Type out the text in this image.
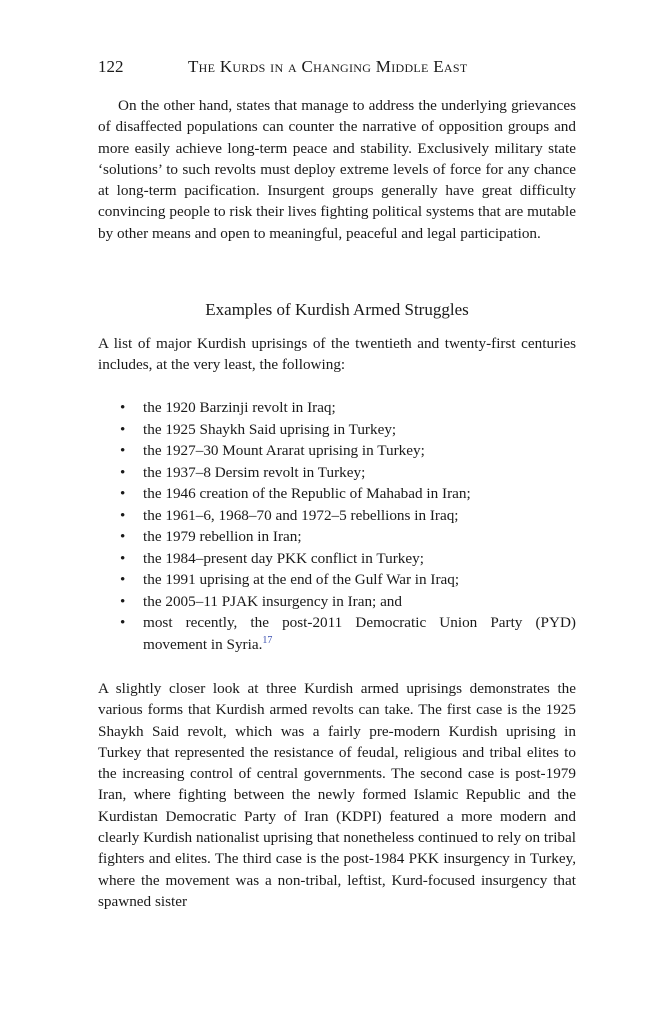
122	The Kurds in a Changing Middle East

On the other hand, states that manage to address the underlying grievances of disaffected populations can counter the narrative of opposition groups and more easily achieve long-term peace and stability. Exclusively military state ‘solutions’ to such revolts must deploy extreme levels of force for any chance at long-term pacification. Insurgent groups generally have great difficulty convincing people to risk their lives fighting political systems that are mutable by other means and open to meaningful, peaceful and legal participation.

Examples of Kurdish Armed Struggles

A list of major Kurdish uprisings of the twentieth and twenty-first centuries includes, at the very least, the following:

• the 1920 Barzinji revolt in Iraq;
• the 1925 Shaykh Said uprising in Turkey;
• the 1927–30 Mount Ararat uprising in Turkey;
• the 1937–8 Dersim revolt in Turkey;
• the 1946 creation of the Republic of Mahabad in Iran;
• the 1961–6, 1968–70 and 1972–5 rebellions in Iraq;
• the 1979 rebellion in Iran;
• the 1984–present day PKK conflict in Turkey;
• the 1991 uprising at the end of the Gulf War in Iraq;
• the 2005–11 PJAK insurgency in Iran; and
• most recently, the post-2011 Democratic Union Party (PYD) movement in Syria.$^{17}$

A slightly closer look at three Kurdish armed uprisings demonstrates the various forms that Kurdish armed revolts can take. The first case is the 1925 Shaykh Said revolt, which was a fairly pre-modern Kurdish uprising in Turkey that represented the resistance of feudal, religious and tribal elites to the increasing control of central governments. The second case is post-1979 Iran, where fighting between the newly formed Islamic Republic and the Kurdistan Democratic Party of Iran (KDPI) featured a more modern and clearly Kurdish nationalist uprising that nonetheless continued to rely on tribal fighters and elites. The third case is the post-1984 PKK insurgency in Turkey, where the movement was a non-tribal, leftist, Kurd-focused insurgency that spawned sister
